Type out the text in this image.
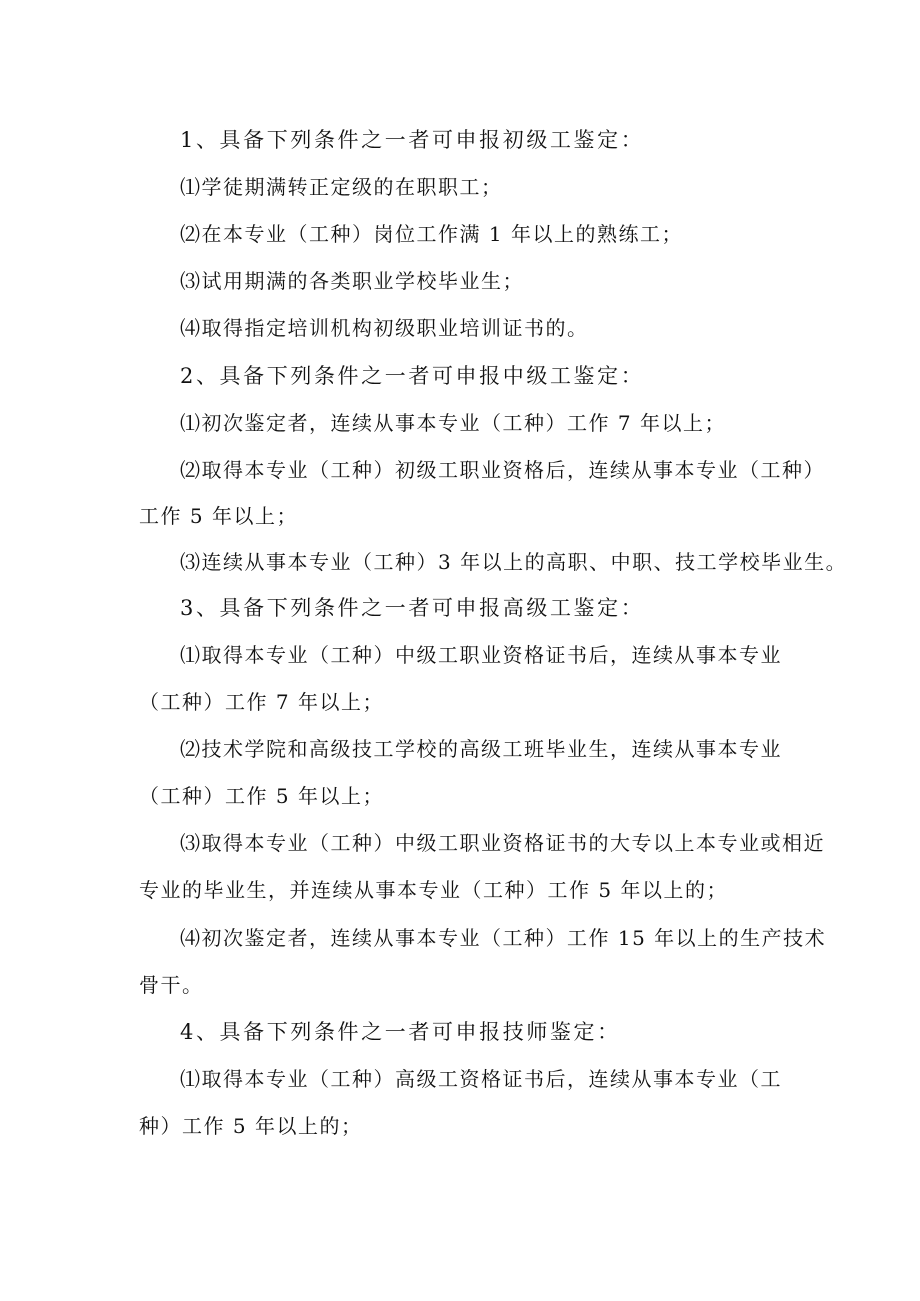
1、具备下列条件之一者可申报初级工鉴定：
⑴学徒期满转正定级的在职职工；
⑵在本专业（工种）岗位工作满 1 年以上的熟练工；
⑶试用期满的各类职业学校毕业生；
⑷取得指定培训机构初级职业培训证书的。
2、具备下列条件之一者可申报中级工鉴定：
⑴初次鉴定者，连续从事本专业（工种）工作 7 年以上；
⑵取得本专业（工种）初级工职业资格后，连续从事本专业（工种）
工作 5 年以上；
⑶连续从事本专业（工种）3 年以上的高职、中职、技工学校毕业生。
3、具备下列条件之一者可申报高级工鉴定：
⑴取得本专业（工种）中级工职业资格证书后，连续从事本专业
（工种）工作 7 年以上；
⑵技术学院和高级技工学校的高级工班毕业生，连续从事本专业
（工种）工作 5 年以上；
⑶取得本专业（工种）中级工职业资格证书的大专以上本专业或相近
专业的毕业生，并连续从事本专业（工种）工作 5 年以上的；
⑷初次鉴定者，连续从事本专业（工种）工作 15 年以上的生产技术
骨干。
4、具备下列条件之一者可申报技师鉴定：
⑴取得本专业（工种）高级工资格证书后，连续从事本专业（工
种）工作 5 年以上的；
